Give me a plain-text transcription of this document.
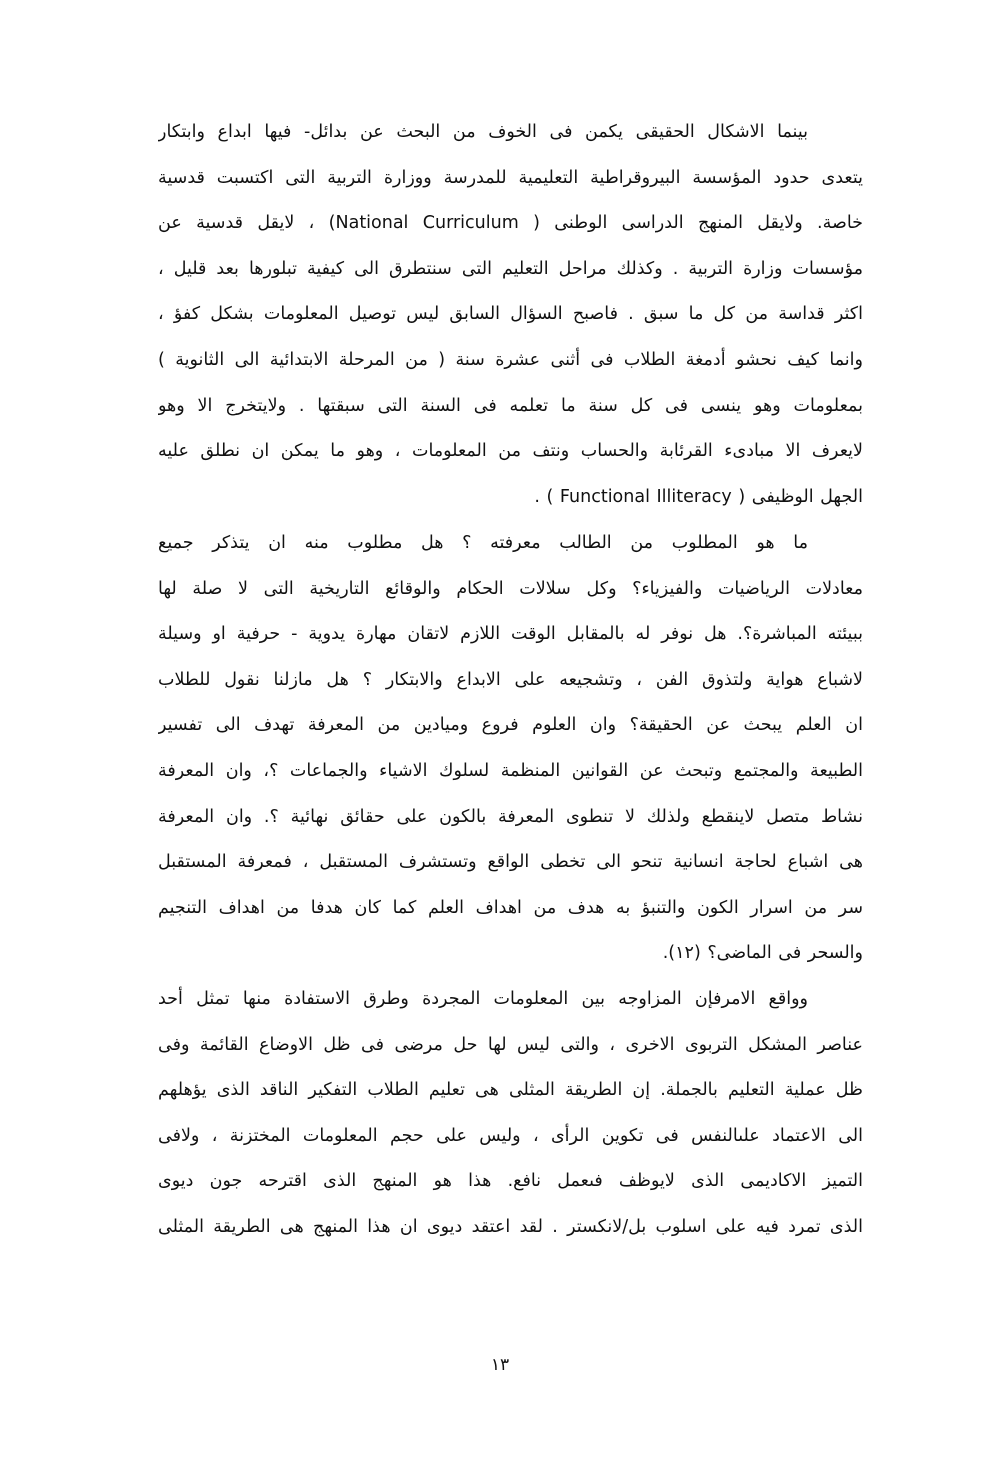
بينما الاشكال الحقيقى يكمن فى الخوف من البحث عن بدائل- فيها ابداع وابتكار
يتعدى حدود المؤسسة البيروقراطية التعليمية للمدرسة ووزارة التربية التى اكتسبت قدسية
خاصة. ولايقل المنهج الدراسى الوطنى ( National Curriculum) ، لايقل قدسية عن
مؤسسات وزارة التربية . وكذلك مراحل التعليم التى سنتطرق الى كيفية تبلورها بعد قليل ،
اكثر قداسة من كل ما سبق . فاصبح السؤال السابق ليس توصيل المعلومات بشكل كفؤ ،
وانما كيف نحشو أدمغة الطلاب فى أثنى عشرة سنة ( من المرحلة الابتدائية الى الثانوية )
بمعلومات وهو ينسى فى كل سنة ما تعلمه فى السنة التى سبقتها . ولايتخرج الا وهو
لايعرف الا مبادىء القرئابة والحساب ونتف من المعلومات ، وهو ما يمكن ان نطلق عليه
الجهل الوظيفى ( Functional Illiteracy ) .

ما هو المطلوب من الطالب معرفته ؟ هل مطلوب منه ان يتذكر جميع
معادلات الرياضيات والفيزياء؟ وكل سلالات الحكام والوقائع التاريخية التى لا صلة لها
ببيئته المباشرة؟. هل نوفر له بالمقابل الوقت اللازم لاتقان مهارة يدوية - حرفية او وسيلة
لاشباع هواية ولتذوق الفن ، وتشجيعه على الابداع والابتكار ؟ هل مازلنا نقول للطلاب
ان العلم يبحث عن الحقيقة؟ وان العلوم فروع وميادين من المعرفة تهدف الى تفسير
الطبيعة والمجتمع وتبحث عن القوانين المنظمة لسلوك الاشياء والجماعات ؟، وان المعرفة
نشاط متصل لاينقطع ولذلك لا تنطوى المعرفة بالكون على حقائق نهائية ؟. وان المعرفة
هى اشباع لحاجة انسانية تنحو الى تخطى الواقع وتستشرف المستقبل ، فمعرفة المستقبل
سر من اسرار الكون والتنبؤ به هدف من اهداف العلم كما كان هدفا من اهداف التنجيم
والسحر فى الماضى؟ (١٢).

وواقع الامرفإن المزاوجه بين المعلومات المجردة وطرق الاستفادة منها تمثل أحد
عناصر المشكل التربوى الاخرى ، والتى ليس لها حل مرضى فى ظل الاوضاع القائمة وفى
ظل عملية التعليم بالجملة. إن الطريقة المثلى هى تعليم الطلاب التفكير الناقد الذى يؤهلهم
الى الاعتماد علىالنفس فى تكوين الرأى ، وليس على حجم المعلومات المختزنة ، ولافى
التميز الاكاديمى الذى لايوظف فىعمل نافع. هذا هو المنهج الذى اقترحه جون ديوى
الذى تمرد فيه على اسلوب بل/لانكستر . لقد اعتقد ديوى ان هذا المنهج هى الطريقة المثلى

١٣
